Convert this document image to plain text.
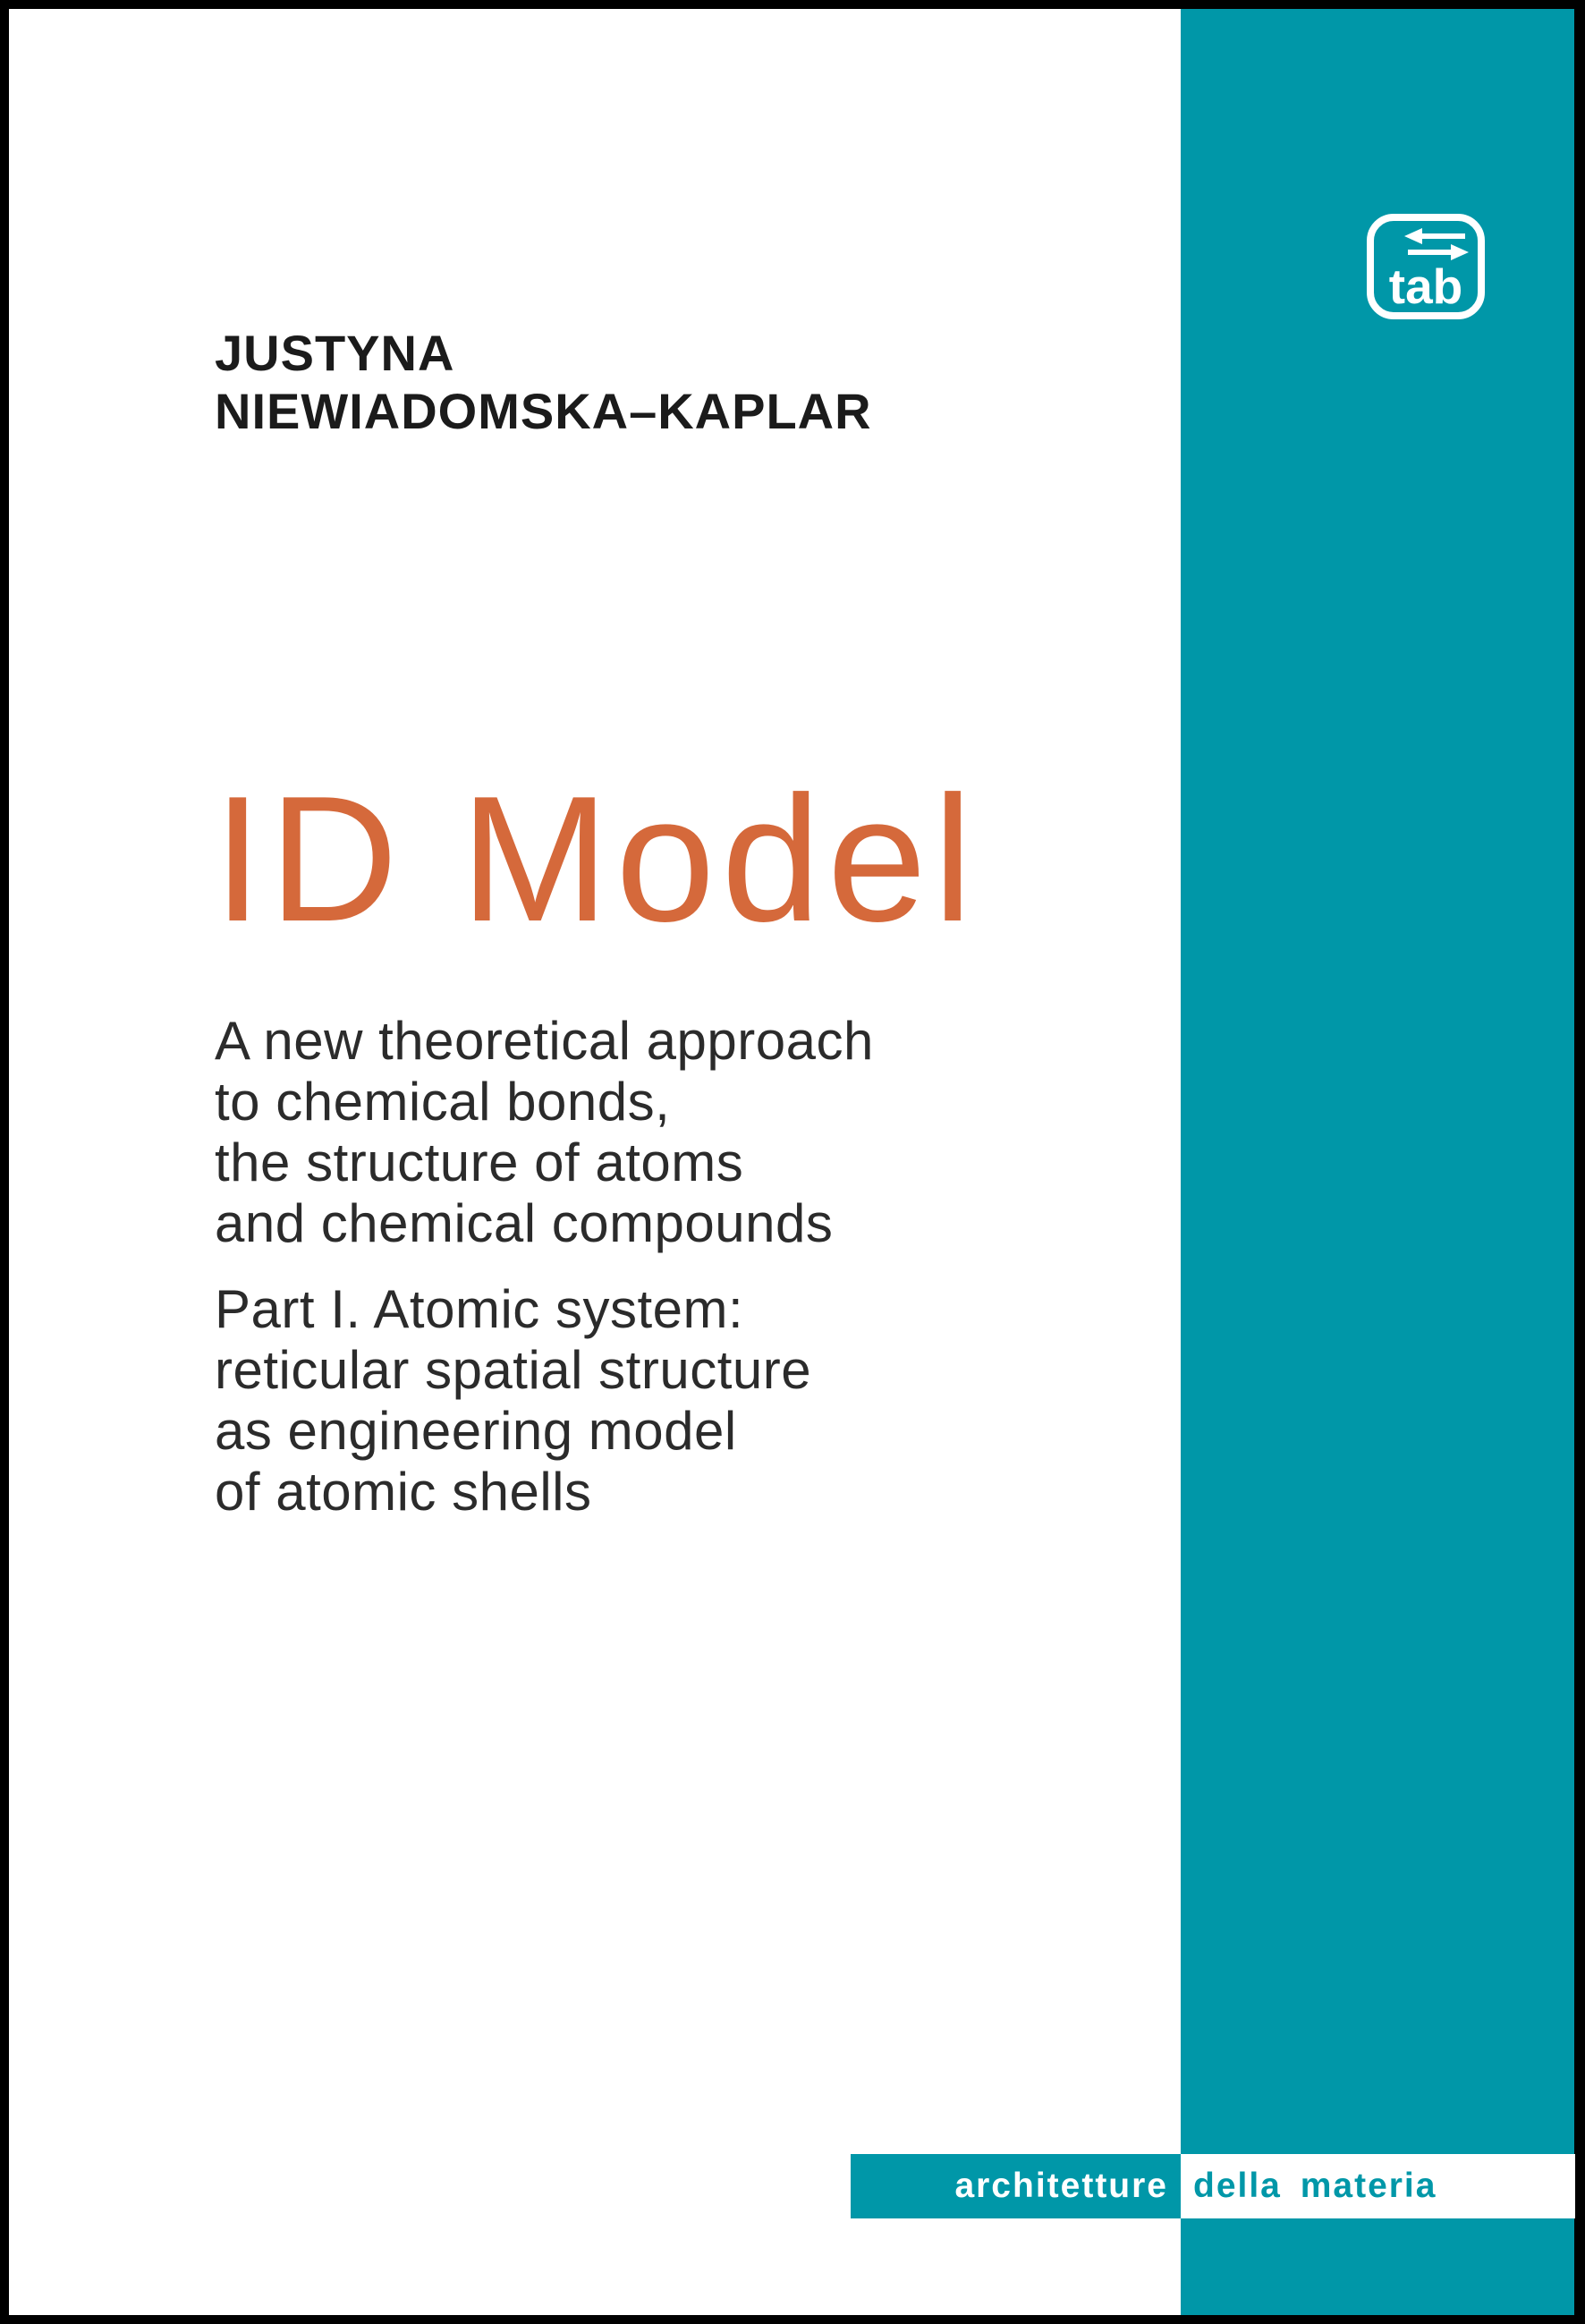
tab
JUSTYNA
NIEWIADOMSKA–KAPLAR
ID Model
A new theoretical approach
to chemical bonds,
the structure of atoms
and chemical compounds
Part I. Atomic system:
reticular spatial structure
as engineering model
of atomic shells
architetture della materia
